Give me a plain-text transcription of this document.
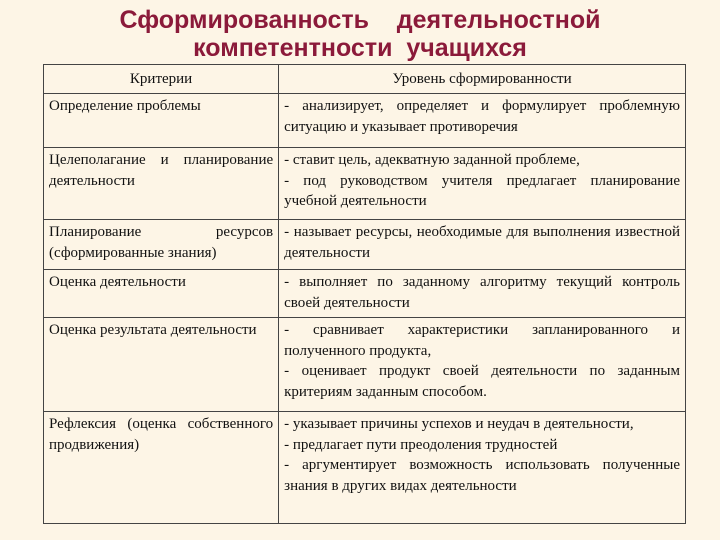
Сформированность    деятельностной
компетентности  учащихся
Критерии	Уровень сформированности
Определение проблемы	- анализирует, определяет и формулирует проблемную ситуацию и указывает противоречия

Целеполагание и планирование деятельности	- ставит цель, адекватную заданной проблеме,
- под руководством учителя предлагает планирование учебной деятельности

Планирование ресурсов (сформированные знания)	- называет ресурсы, необходимые для выполнения известной деятельности

Оценка деятельности	- выполняет по заданному алгоритму текущий контроль своей деятельности

Оценка результата деятельности	- сравнивает характеристики запланированного и полученного продукта,
- оценивает продукт своей деятельности по заданным критериям заданным способом.

Рефлексия (оценка собственного продвижения)	- указывает причины успехов и неудач в деятельности,
- предлагает пути преодоления трудностей
- аргументирует возможность использовать полученные знания в других видах деятельности
